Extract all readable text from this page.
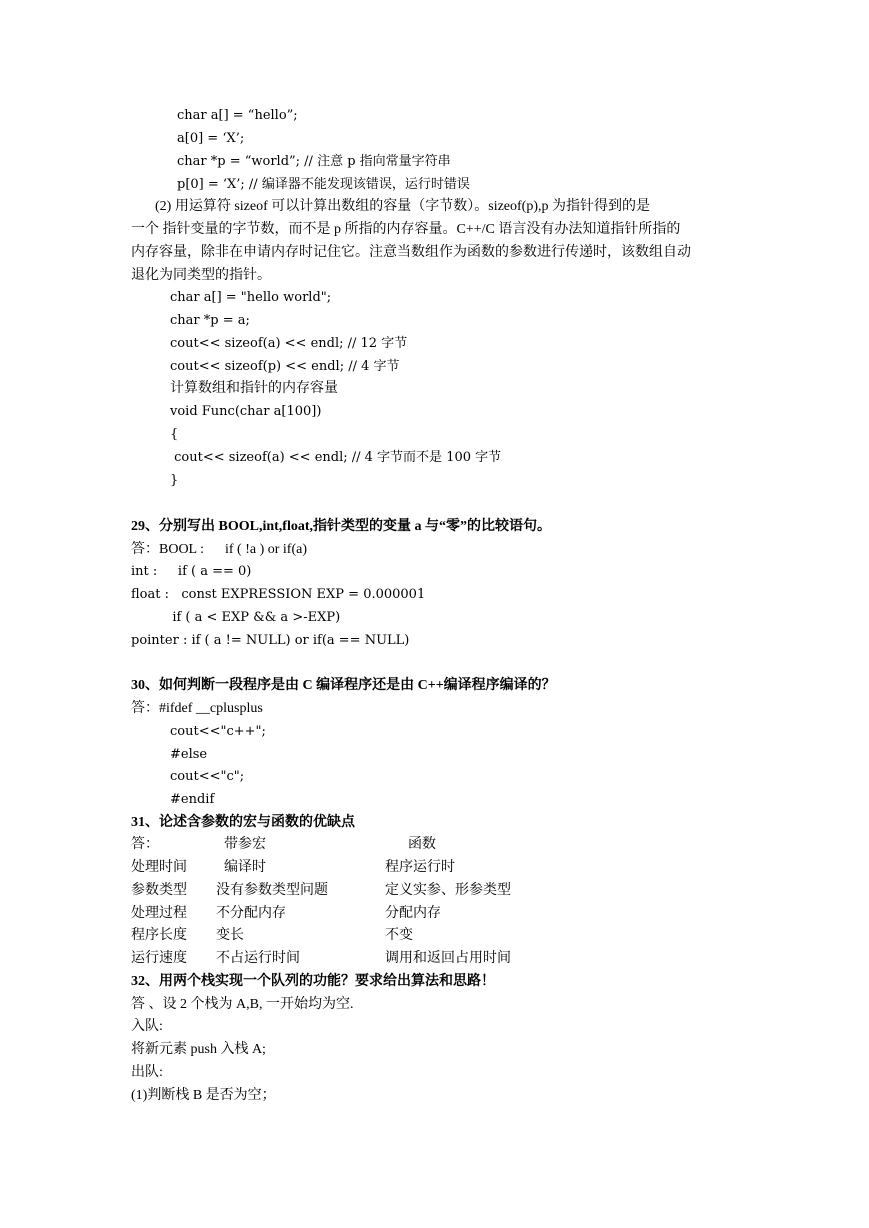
char a[] = “hello”;
a[0] = ‘X’;
char *p = “world”; // 注意 p 指向常量字符串
p[0] = ‘X’; // 编译器不能发现该错误，运行时错误
(2) 用运算符 sizeof 可以计算出数组的容量（字节数）。sizeof(p),p 为指针得到的是
一个 指针变量的字节数，而不是 p 所指的内存容量。C++/C 语言没有办法知道指针所指的
内存容量，除非在申请内存时记住它。注意当数组作为函数的参数进行传递时，该数组自动
退化为同类型的指针。
char a[] = "hello world";
char *p = a;
cout<< sizeof(a) << endl; // 12 字节
cout<< sizeof(p) << endl; // 4 字节
计算数组和指针的内存容量
void Func(char a[100])
{
cout<< sizeof(a) << endl; // 4 字节而不是 100 字节
}
29、分别写出 BOOL,int,float,指针类型的变量 a 与“零”的比较语句。
答：BOOL :      if ( !a ) or if(a)
int :     if ( a == 0)
float :   const EXPRESSION EXP = 0.000001
if ( a < EXP && a >-EXP)
pointer : if ( a != NULL) or if(a == NULL)
30、如何判断一段程序是由 C 编译程序还是由 C++编译程序编译的？
答：#ifdef __cplusplus
cout<<"c++";
#else
cout<<"c";
#endif
31、论述含参数的宏与函数的优缺点
答：	带参宏	函数
处理时间	编译时	程序运行时
参数类型 没有参数类型问题	定义实参、形参类型
处理过程 不分配内存	分配内存
程序长度 变长	不变
运行速度 不占运行时间	调用和返回占用时间
32、用两个栈实现一个队列的功能？要求给出算法和思路！
答 、设 2 个栈为 A,B, 一开始均为空.
入队:
将新元素 push 入栈 A;
出队:
(1)判断栈 B 是否为空；
